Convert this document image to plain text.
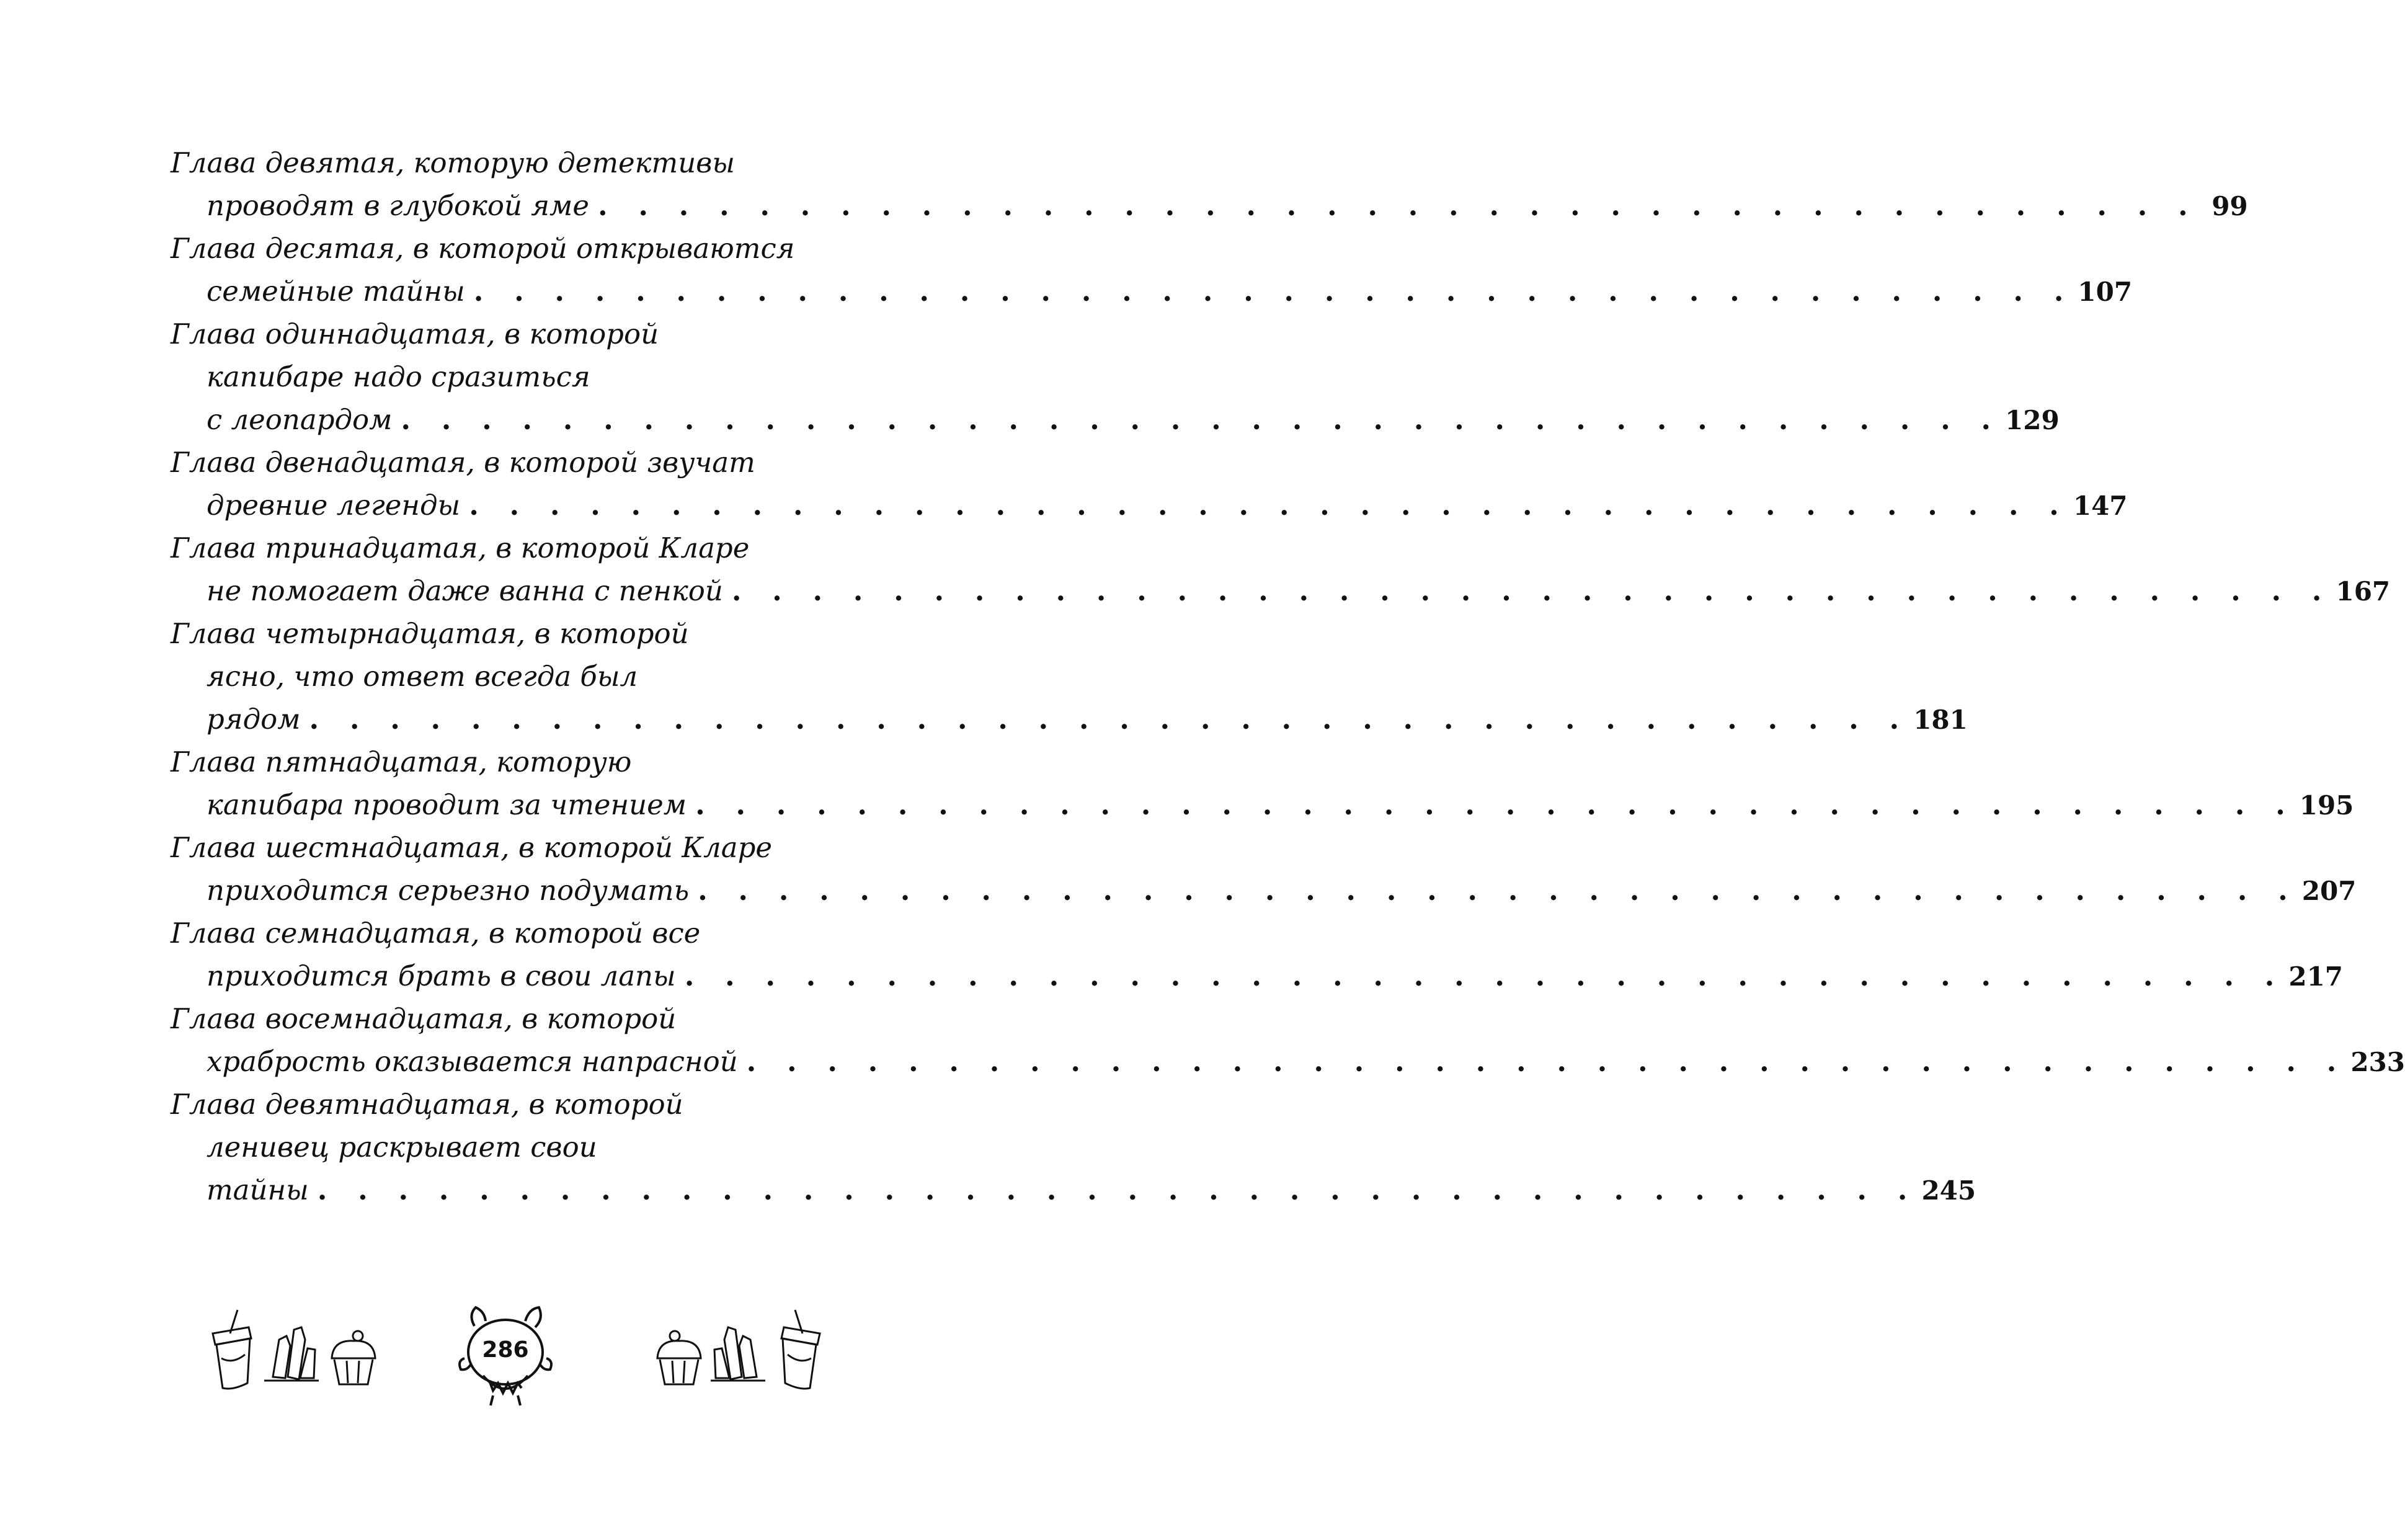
Глава девятая, которую детективы
проводят в глубокой яме . . . . . . . . . . . . . . . . . . . . . . . . . . . . . . . . . . . . . . . . 99
Глава десятая, в которой открываются
семейные тайны . . . . . . . . . . . . . . . . . . . . . . . . . . . . . . . . . . . . . . . . 107
Глава одиннадцатая, в которой
капибаре надо сразиться
с леопардом . . . . . . . . . . . . . . . . . . . . . . . . . . . . . . . . . . . . . . . . 129
Глава двенадцатая, в которой звучат
древние легенды . . . . . . . . . . . . . . . . . . . . . . . . . . . . . . . . . . . . . . . . 147
Глава тринадцатая, в которой Кларе
не помогает даже ванна с пенкой . . . . . . . . . . . . . . . . . . . . . . . . . . . . . . . . . . . . . . . . 167
Глава четырнадцатая, в которой
ясно, что ответ всегда был
рядом . . . . . . . . . . . . . . . . . . . . . . . . . . . . . . . . . . . . . . . . 181
Глава пятнадцатая, которую
капибара проводит за чтением . . . . . . . . . . . . . . . . . . . . . . . . . . . . . . . . . . . . . . . . 195
Глава шестнадцатая, в которой Кларе
приходится серьезно подумать . . . . . . . . . . . . . . . . . . . . . . . . . . . . . . . . . . . . . . . . 207
Глава семнадцатая, в которой все
приходится брать в свои лапы . . . . . . . . . . . . . . . . . . . . . . . . . . . . . . . . . . . . . . . . 217
Глава восемнадцатая, в которой
храбрость оказывается напрасной . . . . . . . . . . . . . . . . . . . . . . . . . . . . . . . . . . . . . . . . 233
Глава девятнадцатая, в которой
ленивец раскрывает свои
тайны . . . . . . . . . . . . . . . . . . . . . . . . . . . . . . . . . . . . . . . . 245
286
